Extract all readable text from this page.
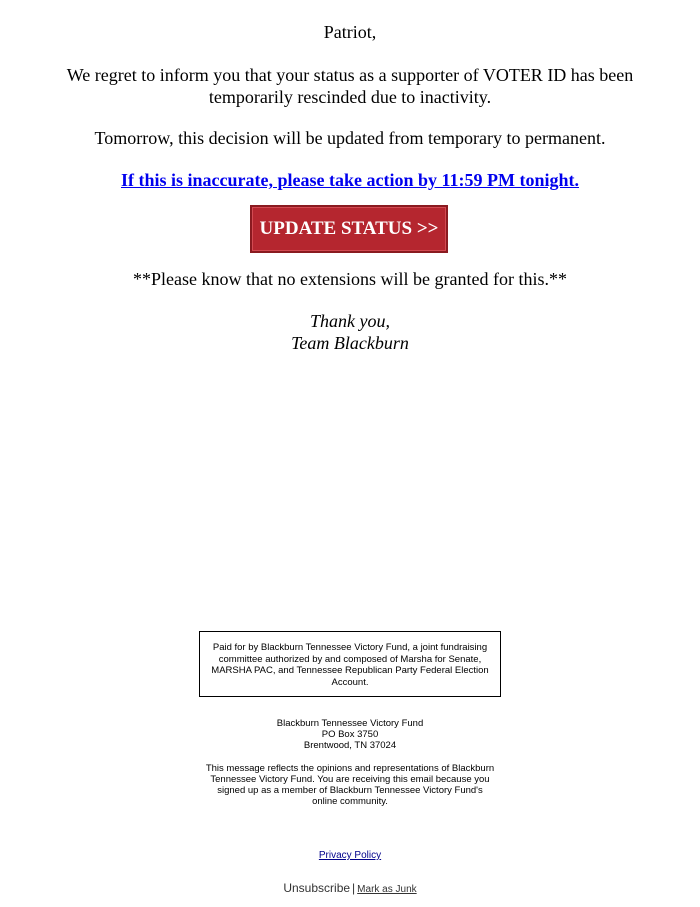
Patriot,
We regret to inform you that your status as a supporter of VOTER ID has been temporarily rescinded due to inactivity.
Tomorrow, this decision will be updated from temporary to permanent.
If this is inaccurate, please take action by 11:59 PM tonight.
UPDATE STATUS >>
**Please know that no extensions will be granted for this.**
Thank you,
Team Blackburn
Paid for by Blackburn Tennessee Victory Fund, a joint fundraising committee authorized by and composed of Marsha for Senate, MARSHA PAC, and Tennessee Republican Party Federal Election Account.
Blackburn Tennessee Victory Fund
PO Box 3750
Brentwood, TN 37024
This message reflects the opinions and representations of Blackburn Tennessee Victory Fund. You are receiving this email because you signed up as a member of Blackburn Tennessee Victory Fund's online community.
Privacy Policy
Unsubscribe | Mark as Junk
